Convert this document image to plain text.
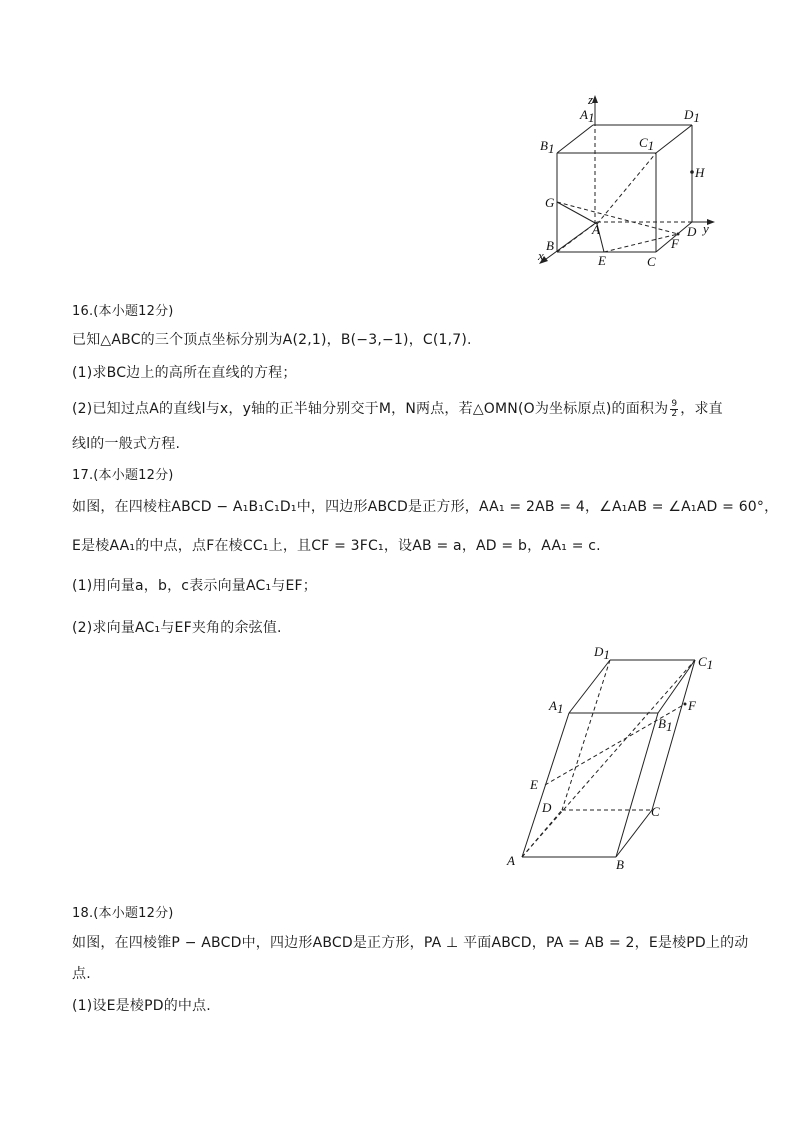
z
A1	D1
B1	C1
H
G
A
B
y
D
F
x	E	C
16.(本小题12分)
已知△ABC的三个顶点坐标分别为A(2,1)，B(−3,−1)，C(1,7).
(1)求BC边上的高所在直线的方程；
(2)已知过点A的直线l与x，y轴的正半轴分别交于M，N两点，若△OMN(O为坐标原点)的面积为 $\frac{9}{2}$ ，求直
线l的一般式方程.
17.(本小题12分)
如图，在四棱柱ABCD − A₁B₁C₁D₁中，四边形ABCD是正方形，AA₁ = 2AB = 4，∠A₁AB = ∠A₁AD = 60°，
E是棱AA₁的中点，点F在棱CC₁上，且CF = 3FC₁，设AB = a，AD = b，AA₁ = c.
(1)用向量a，b，c表示向量AC₁与EF；
(2)求向量AC₁与EF夹角的余弦值.
D1	C1
A1
B1
F
E
D	C
A	B
18.(本小题12分)
如图，在四棱锥P − ABCD中，四边形ABCD是正方形，PA ⊥ 平面ABCD，PA = AB = 2，E是棱PD上的动
点.
(1)设E是棱PD的中点.
